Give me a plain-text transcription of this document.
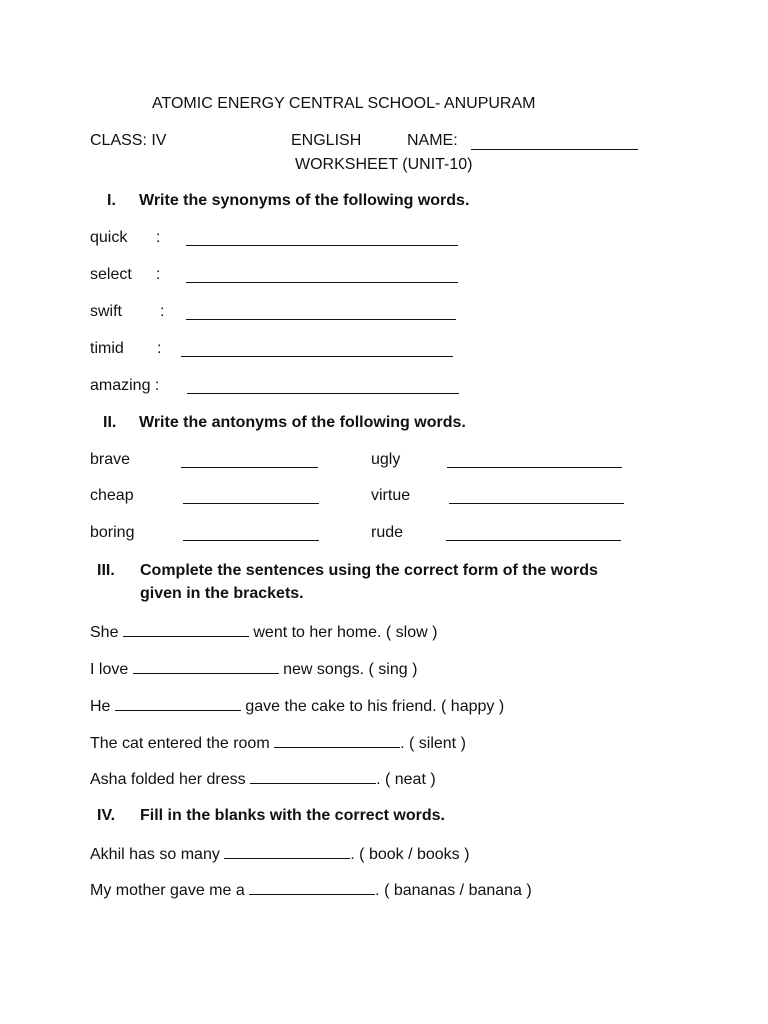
ATOMIC ENERGY CENTRAL SCHOOL- ANUPURAM
CLASS: IV	ENGLISH	NAME:
WORKSHEET (UNIT-10)
I. Write the synonyms of the following words.
quick :
select :
swift :
timid :
amazing :
II. Write the antonyms of the following words.
brave	ugly
cheap	virtue
boring	rude
III. Complete the sentences using the correct form of the words
given in the brackets.
She	went to her home. ( slow )
I love	new songs. ( sing )
He	gave the cake to his friend. ( happy )
The cat entered the room	. ( silent )
Asha folded her dress	. ( neat )
IV. Fill in the blanks with the correct words.
Akhil has so many	. ( book / books )
My mother gave me a	. ( bananas / banana )
